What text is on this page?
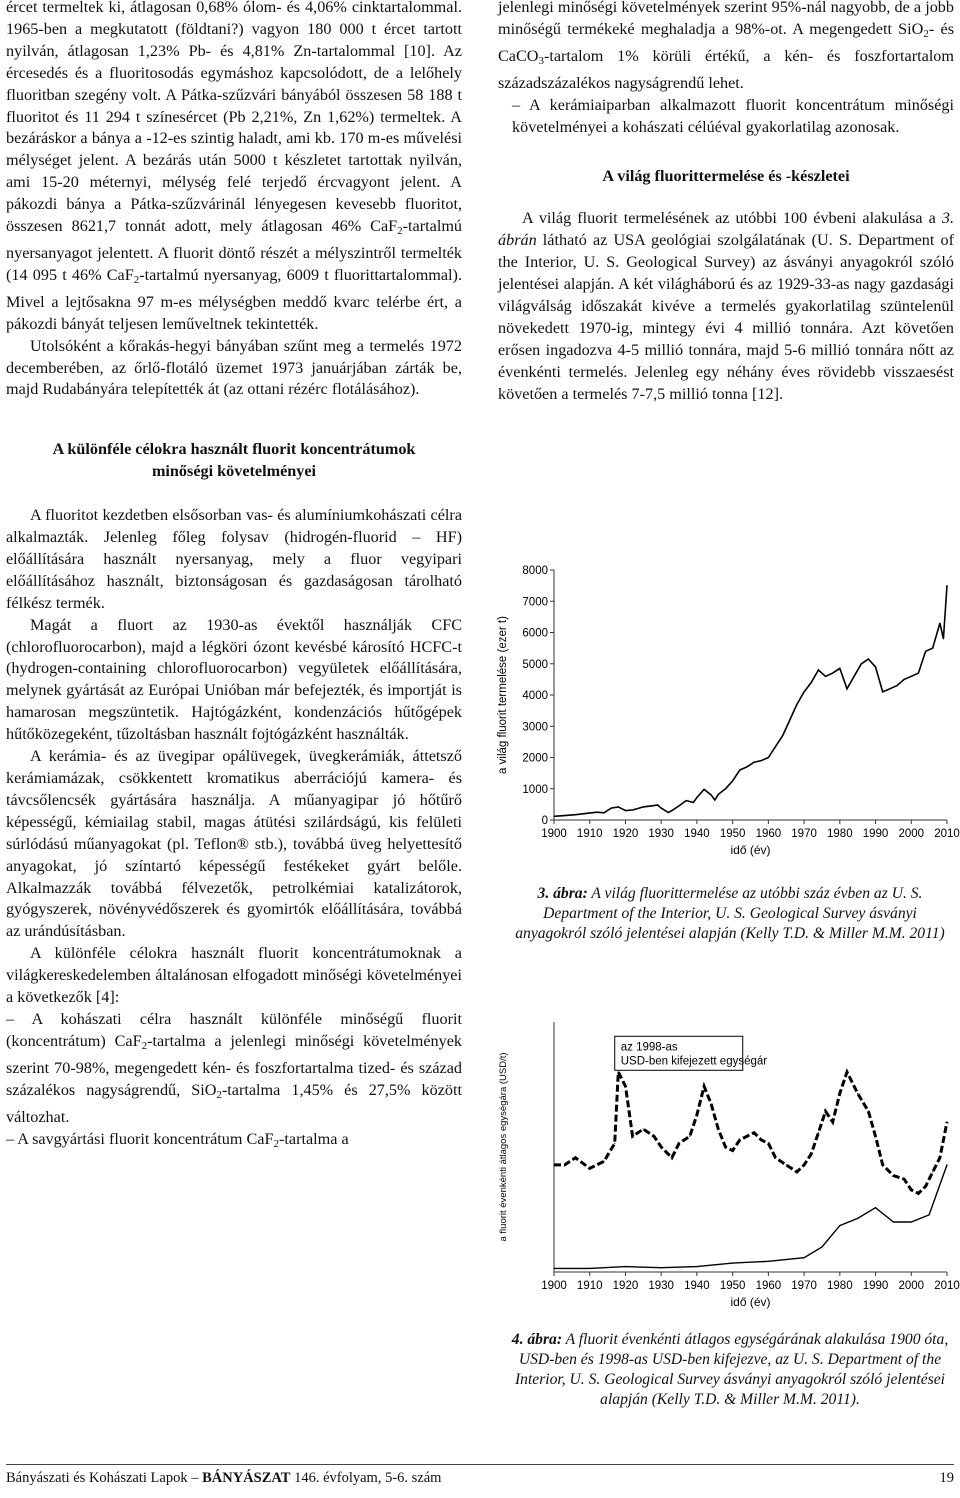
ércet termeltek ki, átlagosan 0,68% ólom- és 4,06% cinktartalommal. 1965-ben a megkutatott (földtani?) vagyon 180 000 t ércet tartott nyilván, átlagosan 1,23% Pb- és 4,81% Zn-tartalommal [10]. Az ércesedés és a fluoritosodás egymáshoz kapcsolódott, de a lelőhely fluoritban szegény volt. A Pátka-szűzvári bányából összesen 58 188 t fluoritot és 11 294 t színesércet (Pb 2,21%, Zn 1,62%) termeltek. A bezáráskor a bánya a -12-es szintig haladt, ami kb. 170 m-es művelési mélységet jelent. A bezárás után 5000 t készletet tartottak nyilván, ami 15-20 méternyi, mélység felé terjedő ércvagyont jelent. A pákozdi bánya a Pátka-szűzvárinál lényegesen kevesebb fluoritot, összesen 8621,7 tonnát adott, mely átlagosan 46% CaF$_2$-tartalmú nyersanyagot jelentett. A fluorit döntő részét a mélyszintről termelték (14 095 t 46% CaF$_2$-tartalmú nyersanyag, 6009 t fluorittartalommal). Mivel a lejtősakna 97 m-es mélységben meddő kvarc telérbe ért, a pákozdi bányát teljesen leműveltnek tekintették.

Utolsóként a kőrakás-hegyi bányában szűnt meg a termelés 1972 decemberében, az őrlő-flotáló üzemet 1973 januárjában zárták be, majd Rudabányára telepítették át (az ottani rézérc flotálásához).

A különféle célokra használt fluorit koncentrátumok minőségi követelményei

A fluoritot kezdetben elsősorban vas- és alumíniumkohászati célra alkalmazták. Jelenleg főleg folysav (hidrogén-fluorid – HF) előállítására használt nyersanyag, mely a fluor vegyipari előállításához használt, biztonságosan és gazdaságosan tárolható félkész termék.

Magát a fluort az 1930-as évektől használják CFC (chlorofluorocarbon), majd a légköri ózont kevésbé károsító HCFC-t (hydrogen-containing chlorofluorocarbon) vegyületek előállítására, melynek gyártását az Európai Unióban már befejezték, és importját is hamarosan megszüntetik. Hajtógázként, kondenzációs hűtőgépek hűtőközegeként, tűzoltásban használt fojtógázként használták.

A kerámia- és az üvegipar opálüvegek, üvegkerámiák, áttetsző kerámiamázak, csökkentett kromatikus aberrációjú kamera- és távcsőlencsék gyártására használja. A műanyagipar jó hőtűrő képességű, kémiailag stabil, magas átütési szilárdságú, kis felületi súrlódású műanyagokat (pl. Teflon® stb.), továbbá üveg helyettesítő anyagokat, jó színtartó képességű festékeket gyárt belőle. Alkalmazzák továbbá félvezetők, petrolkémiai katalizátorok, gyógyszerek, növényvédőszerek és gyomirtók előállítására, továbbá az urándúsításban.

A különféle célokra használt fluorit koncentrátumoknak a világkereskedelemben általánosan elfogadott minőségi követelményei a következők [4]:

– A kohászati célra használt különféle minőségű fluorit (koncentrátum) CaF$_2$-tartalma a jelenlegi minőségi követelmények szerint 70-98%, megengedett kén- és foszfortartalma tized- és század százalékos nagyságrendű, SiO$_2$-tartalma 1,45% és 27,5% között változhat.

– A savgyártási fluorit koncentrátum CaF$_2$-tartalma a

jelenlegi minőségi követelmények szerint 95%-nál nagyobb, de a jobb minőségű termékeké meghaladja a 98%-ot. A megengedett SiO$_2$- és CaCO$_3$-tartalom 1% körüli értékű, a kén- és foszfortartalom századszázalékos nagyságrendű lehet.

– A kerámiaiparban alkalmazott fluorit koncentrátum minőségi követelményei a kohászati célúéval gyakorlatilag azonosak.

A világ fluorittermelése és -készletei

A világ fluorit termelésének az utóbbi 100 évbeni alakulása a 3. ábrán látható az USA geológiai szolgálatának (U. S. Department of the Interior, U. S. Geological Survey) az ásványi anyagokról szóló jelentései alapján. A két világháború és az 1929-33-as nagy gazdasági világválság időszakát kivéve a termelés gyakorlatilag szüntelenül növekedett 1970-ig, mintegy évi 4 millió tonnára. Azt követően erősen ingadozva 4-5 millió tonnára, majd 5-6 millió tonnára nőtt az évenkénti termelés. Jelenleg egy néhány éves rövidebb visszaesést követően a termelés 7-7,5 millió tonna [12].

1900 1910 1920 1930 1940 1950 1960 1970 1980 1990 2000 2010
0
1000
2000
3000
4000
5000
6000
7000
8000
idő (év)
a világ fluorit termelése (ezer t)
3. ábra: A világ fluorittermelése az utóbbi száz évben az U. S. Department of the Interior, U. S. Geological Survey ásványi anyagokról szóló jelentései alapján (Kelly T.D. & Miller M.M. 2011)
1900 1910 1920 1930 1940 1950 1960 1970 1980 1990 2000 2010
idő (év)
a fluorit évenkénti átlagos egységára (USD/t)
az 1998-as
USD-ben kifejezett egységár
4. ábra: A fluorit évenkénti átlagos egységárának alakulása 1900 óta, USD-ben és 1998-as USD-ben kifejezve, az U. S. Department of the Interior, U. S. Geological Survey ásványi anyagokról szóló jelentései alapján (Kelly T.D. & Miller M.M. 2011).
Bányászati és Kohászati Lapok – BÁNYÁSZAT 146. évfolyam, 5-6. szám	19
